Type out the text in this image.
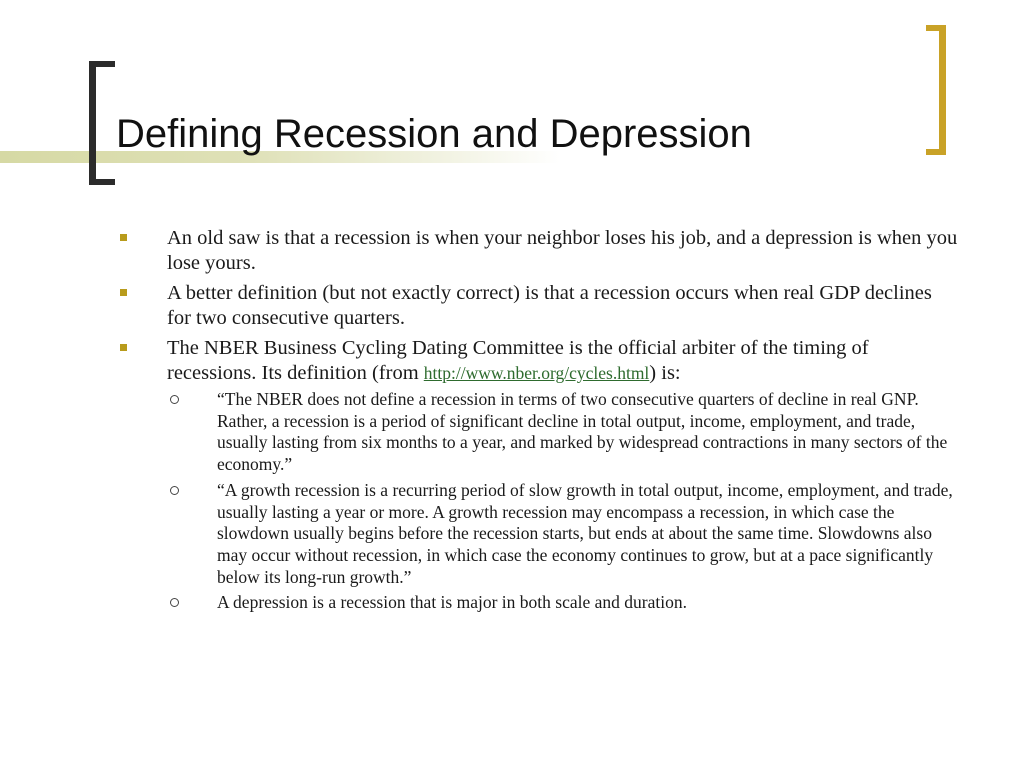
Defining Recession and Depression
An old saw is that a recession is when your neighbor loses his job, and a depression is when you lose yours.
A better definition (but not exactly correct) is that a recession occurs when real GDP declines for two consecutive quarters.
The NBER Business Cycling Dating Committee is the official arbiter of the timing of recessions. Its definition (from http://www.nber.org/cycles.html) is:
“The NBER does not define a recession in terms of two consecutive quarters of decline in real GNP. Rather, a recession is a period of significant decline in total output, income, employment, and trade, usually lasting from six months to a year, and marked by widespread contractions in many sectors of the economy.”
“A growth recession is a recurring period of slow growth in total output, income, employment, and trade, usually lasting a year or more. A growth recession may encompass a recession, in which case the slowdown usually begins before the recession starts, but ends at about the same time. Slowdowns also may occur without recession, in which case the economy continues to grow, but at a pace significantly below its long-run growth.”
A depression is a recession that is major in both scale and duration.
